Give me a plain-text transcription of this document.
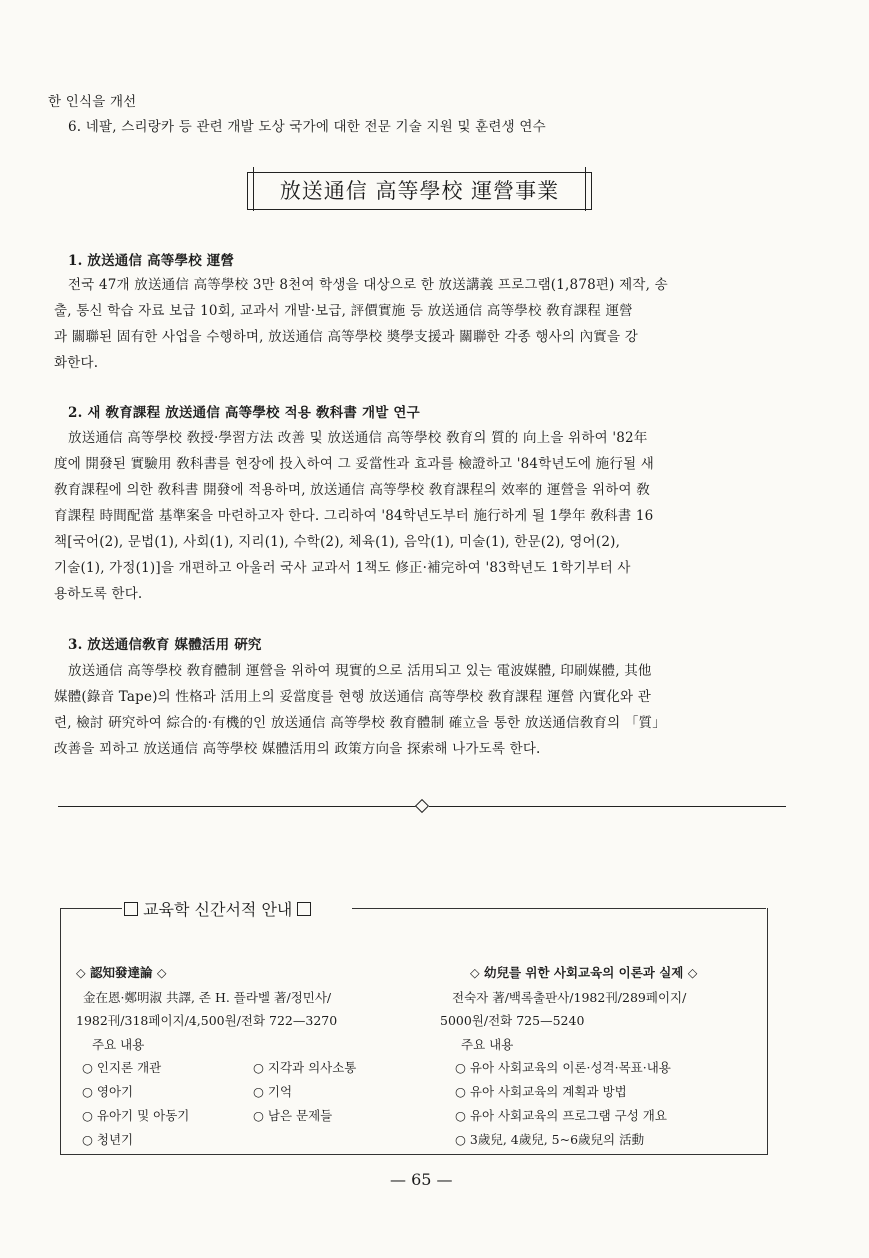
한 인식을 개선
6. 네팔, 스리랑카 등 관련 개발 도상 국가에 대한 전문 기술 지원 및 훈련생 연수
放送通信 高等學校 運營事業
1. 放送通信 高等學校 運營
전국 47개 放送通信 高等學校 3만 8천여 학생을 대상으로 한 放送講義 프로그램(1,878편) 제작, 송
출, 통신 학습 자료 보급 10회, 교과서 개발·보급, 評價實施 등 放送通信 高等學校 敎育課程 運營
과 關聯된 固有한 사업을 수행하며, 放送通信 高等學校 奬學支援과 關聯한 각종 행사의 內實을 강
화한다.
2. 새 敎育課程 放送通信 高等學校 적용 敎科書 개발 연구
放送通信 高等學校 敎授·學習方法 改善 및 放送通信 高等學校 敎育의 質的 向上을 위하여 '82年
度에 開發된 實驗用 敎科書를 현장에 投入하여 그 妥當性과 효과를 檢證하고 '84학년도에 施行될 새
敎育課程에 의한 敎科書 開發에 적용하며, 放送通信 高等學校 敎育課程의 效率的 運營을 위하여 敎
育課程 時間配當 基準案을 마련하고자 한다. 그리하여 '84학년도부터 施行하게 될 1學年 敎科書 16
책[국어(2), 문법(1), 사회(1), 지리(1), 수학(2), 체육(1), 음악(1), 미술(1), 한문(2), 영어(2),
기술(1), 가정(1)]을 개편하고 아울러 국사 교과서 1책도 修正·補完하여 '83학년도 1학기부터 사
용하도록 한다.
3. 放送通信敎育 媒體活用 硏究
放送通信 高等學校 敎育體制 運營을 위하여 現實的으로 活用되고 있는 電波媒體, 印刷媒體, 其他
媒體(錄音 Tape)의 性格과 活用上의 妥當度를 현행 放送通信 高等學校 敎育課程 運營 內實化와 관
련, 檢討 硏究하여 綜合的·有機的인 放送通信 高等學校 敎育體制 確立을 통한 放送通信敎育의 「質」
改善을 꾀하고 放送通信 高等學校 媒體活用의 政策方向을 探索해 나가도록 한다.
교육학 신간서적 안내
◇ 認知發達論 ◇
金在恩·鄭明淑 共譯, 존 H. 플라벨 著/정민사/
1982刊/318페이지/4,500원/전화 722—3270
주요 내용
○ 인지론 개관	○ 지각과 의사소통
○ 영아기	○ 기억
○ 유아기 및 아동기	○ 남은 문제들
○ 청년기
◇ 幼兒를 위한 사회교육의 이론과 실제 ◇
전숙자 著/백록출판사/1982刊/289페이지/
5000원/전화 725—5240
주요 내용
○ 유아 사회교육의 이론·성격·목표·내용
○ 유아 사회교육의 계획과 방법
○ 유아 사회교육의 프로그램 구성 개요
○ 3歲兒, 4歲兒, 5~6歲兒의 活動
— 65 —
